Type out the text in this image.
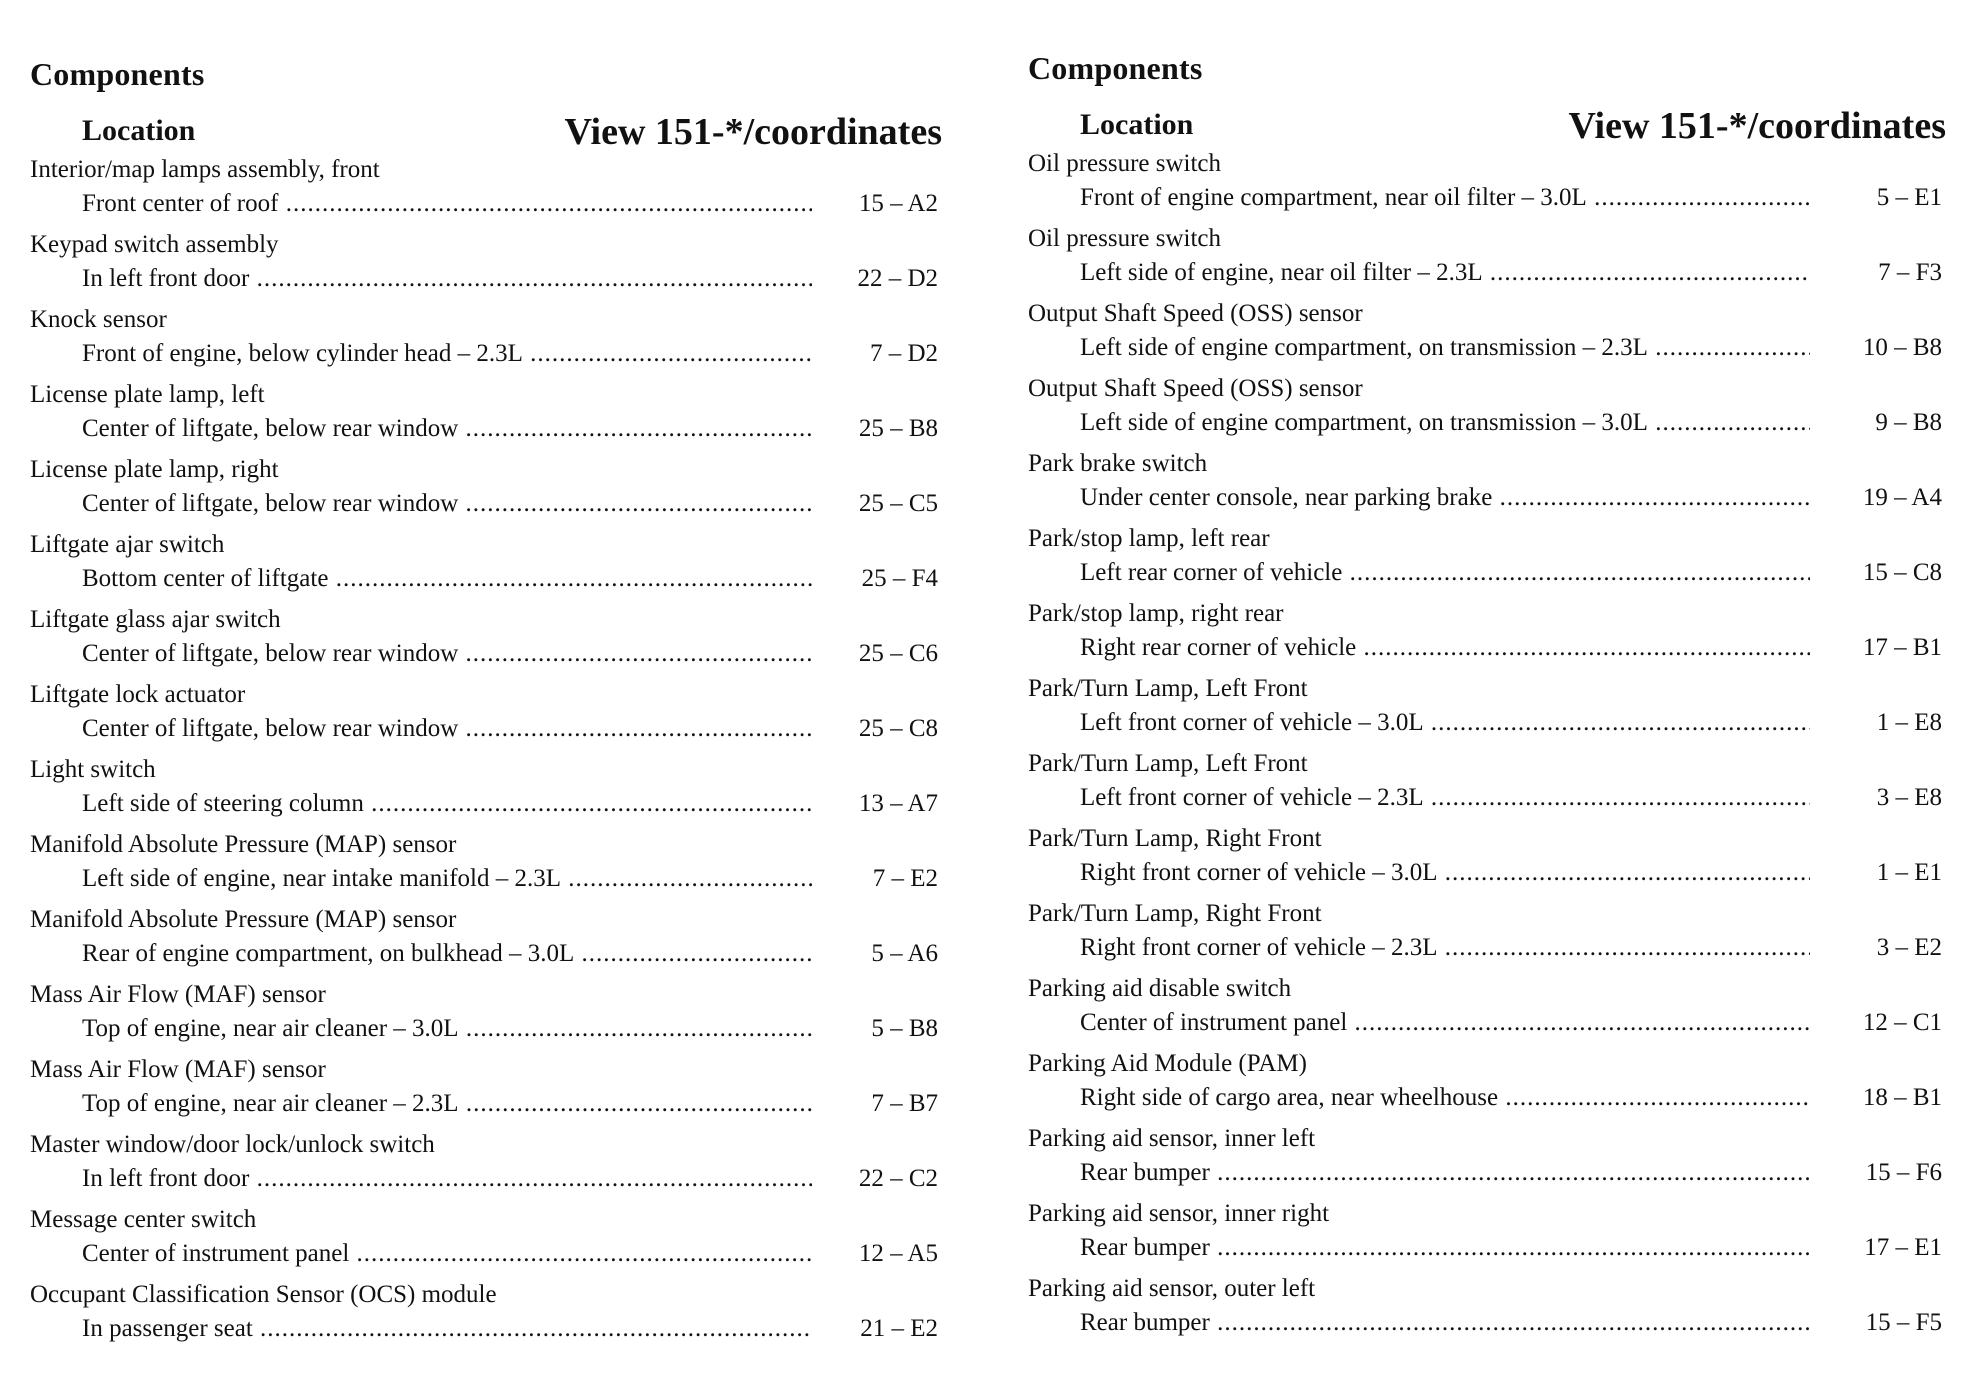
Components
Location	View 151-*/coordinates
Interior/map lamps assembly, front
Front center of roof .....	15 – A2
Keypad switch assembly
In left front door .....	22 – D2
Knock sensor
Front of engine, below cylinder head – 2.3L .....	7 – D2
License plate lamp, left
Center of liftgate, below rear window .....	25 – B8
License plate lamp, right
Center of liftgate, below rear window .....	25 – C5
Liftgate ajar switch
Bottom center of liftgate .....	25 – F4
Liftgate glass ajar switch
Center of liftgate, below rear window .....	25 – C6
Liftgate lock actuator
Center of liftgate, below rear window .....	25 – C8
Light switch
Left side of steering column .....	13 – A7
Manifold Absolute Pressure (MAP) sensor
Left side of engine, near intake manifold – 2.3L .....	7 – E2
Manifold Absolute Pressure (MAP) sensor
Rear of engine compartment, on bulkhead – 3.0L .....	5 – A6
Mass Air Flow (MAF) sensor
Top of engine, near air cleaner – 3.0L .....	5 – B8
Mass Air Flow (MAF) sensor
Top of engine, near air cleaner – 2.3L .....	7 – B7
Master window/door lock/unlock switch
In left front door .....	22 – C2
Message center switch
Center of instrument panel .....	12 – A5
Occupant Classification Sensor (OCS) module
In passenger seat .....	21 – E2
Components
Location	View 151-*/coordinates
Oil pressure switch
Front of engine compartment, near oil filter – 3.0L .....	5 – E1
Oil pressure switch
Left side of engine, near oil filter – 2.3L .....	7 – F3
Output Shaft Speed (OSS) sensor
Left side of engine compartment, on transmission – 2.3L .....	10 – B8
Output Shaft Speed (OSS) sensor
Left side of engine compartment, on transmission – 3.0L .....	9 – B8
Park brake switch
Under center console, near parking brake .....	19 – A4
Park/stop lamp, left rear
Left rear corner of vehicle .....	15 – C8
Park/stop lamp, right rear
Right rear corner of vehicle .....	17 – B1
Park/Turn Lamp, Left Front
Left front corner of vehicle – 3.0L .....	1 – E8
Park/Turn Lamp, Left Front
Left front corner of vehicle – 2.3L .....	3 – E8
Park/Turn Lamp, Right Front
Right front corner of vehicle – 3.0L .....	1 – E1
Park/Turn Lamp, Right Front
Right front corner of vehicle – 2.3L .....	3 – E2
Parking aid disable switch
Center of instrument panel .....	12 – C1
Parking Aid Module (PAM)
Right side of cargo area, near wheelhouse .....	18 – B1
Parking aid sensor, inner left
Rear bumper .....	15 – F6
Parking aid sensor, inner right
Rear bumper .....	17 – E1
Parking aid sensor, outer left
Rear bumper .....	15 – F5
